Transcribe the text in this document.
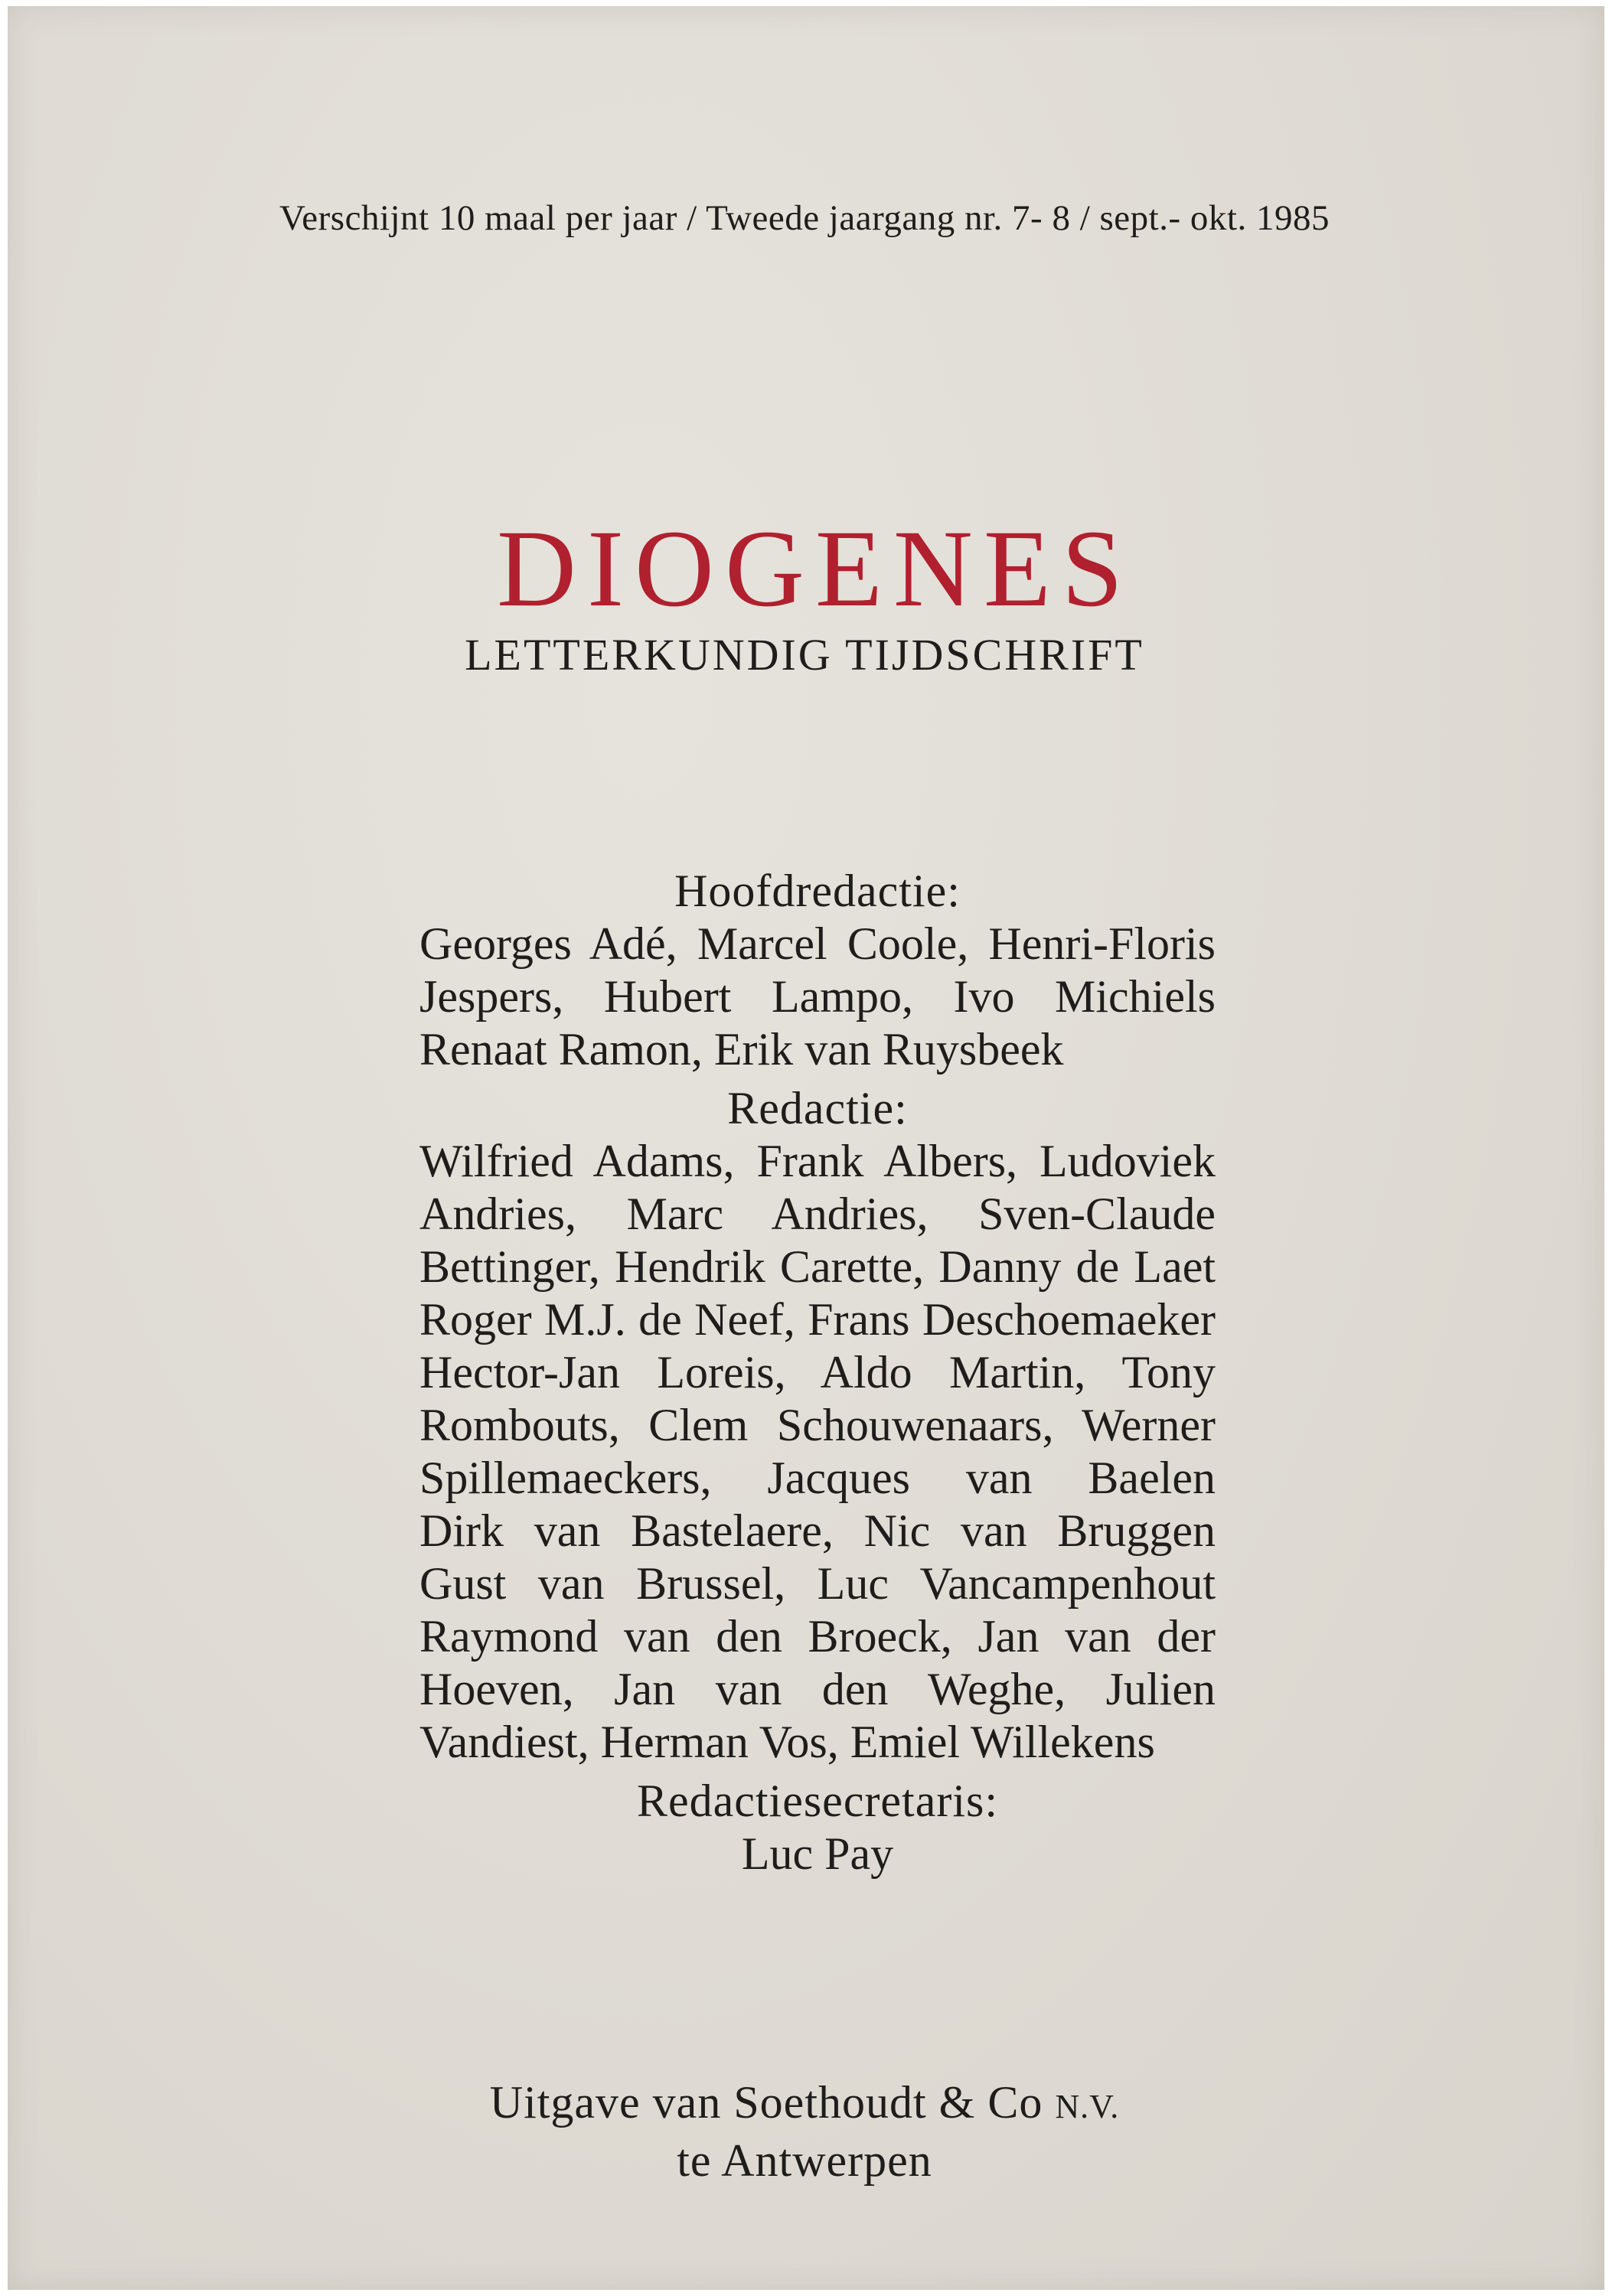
Verschijnt 10 maal per jaar / Tweede jaargang nr. 7- 8 / sept.- okt. 1985
DIOGENES
LETTERKUNDIG TIJDSCHRIFT
Hoofdredactie:
Georges Adé, Marcel Coole, Henri-Floris
Jespers, Hubert Lampo, Ivo Michiels
Renaat Ramon, Erik van Ruysbeek
Redactie:
Wilfried Adams, Frank Albers, Ludoviek
Andries, Marc Andries, Sven-Claude
Bettinger, Hendrik Carette, Danny de Laet
Roger M.J. de Neef, Frans Deschoemaeker
Hector-Jan Loreis, Aldo Martin, Tony
Rombouts, Clem Schouwenaars, Werner
Spillemaeckers, Jacques van Baelen
Dirk van Bastelaere, Nic van Bruggen
Gust van Brussel, Luc Vancampenhout
Raymond van den Broeck, Jan van der
Hoeven, Jan van den Weghe, Julien
Vandiest, Herman Vos, Emiel Willekens
Redactiesecretaris:
Luc Pay
Uitgave van Soethoudt & Co N.V.
te Antwerpen
